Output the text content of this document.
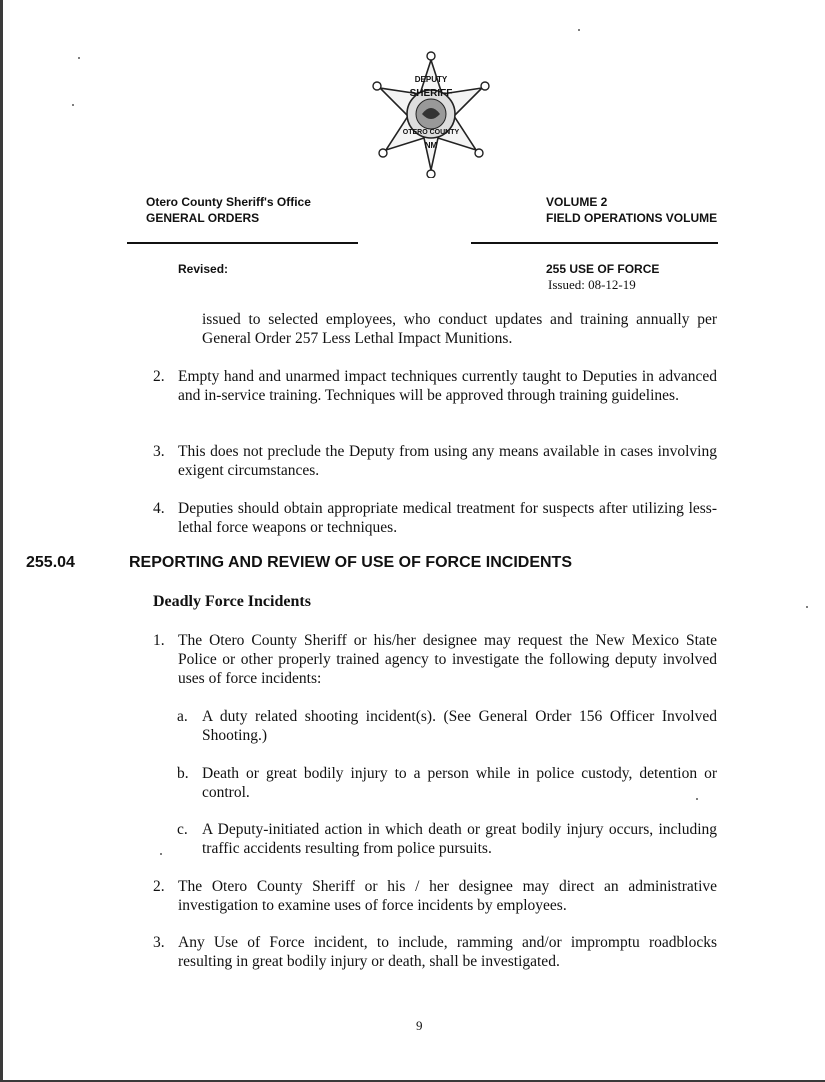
DEPUTY
SHERIFF
OTERO COUNTY
NM
Otero County Sheriff's Office
GENERAL ORDERS
VOLUME 2
FIELD OPERATIONS VOLUME
Revised:	255 USE OF FORCE
Issued: 08-12-19
issued to selected employees, who conduct updates and training annually per General Order 257 Less Lethal Impact Munitions.
2. Empty hand and unarmed impact techniques currently taught to Deputies in advanced and in-service training. Techniques will be approved through training guidelines.
3. This does not preclude the Deputy from using any means available in cases involving exigent circumstances.
4. Deputies should obtain appropriate medical treatment for suspects after utilizing less-lethal force weapons or techniques.
255.04	REPORTING AND REVIEW OF USE OF FORCE INCIDENTS
Deadly Force Incidents
1. The Otero County Sheriff or his/her designee may request the New Mexico State Police or other properly trained agency to investigate the following deputy involved uses of force incidents:
a. A duty related shooting incident(s). (See General Order 156 Officer Involved Shooting.)
b. Death or great bodily injury to a person while in police custody, detention or control.
c. A Deputy-initiated action in which death or great bodily injury occurs, including traffic accidents resulting from police pursuits.
2. The Otero County Sheriff or his / her designee may direct an administrative investigation to examine uses of force incidents by employees.
3. Any Use of Force incident, to include, ramming and/or impromptu roadblocks resulting in great bodily injury or death, shall be investigated.
9
